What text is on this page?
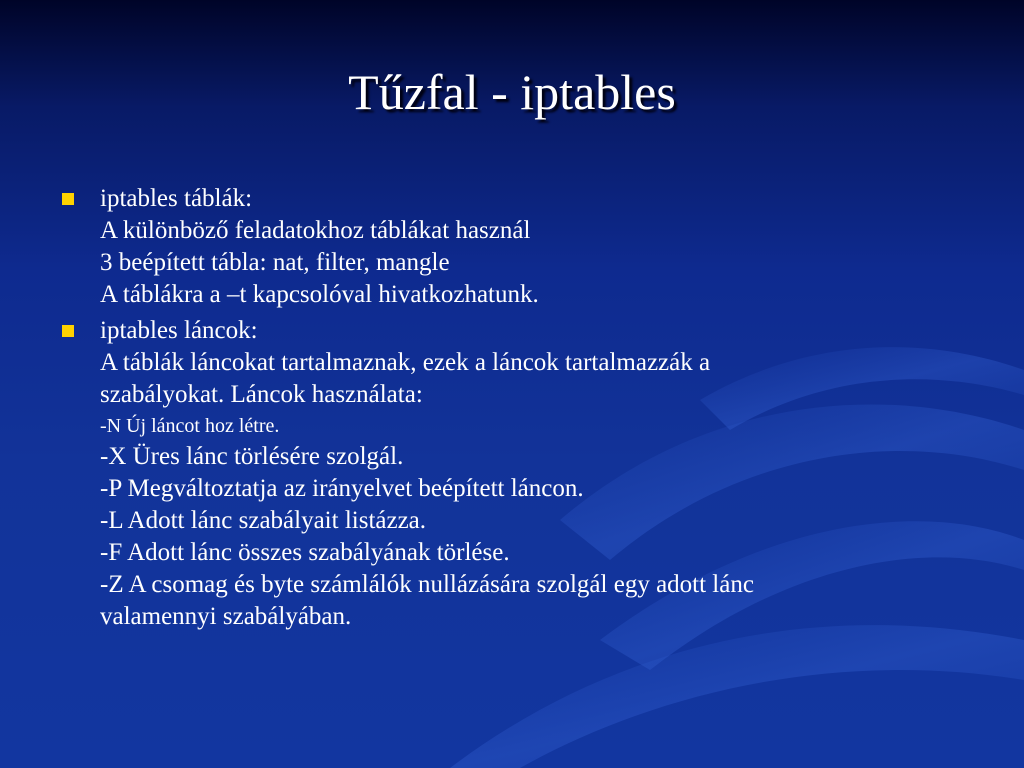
Tűzfal - iptables
iptables táblák:
A különböző feladatokhoz táblákat használ
3 beépített tábla: nat, filter, mangle
A táblákra a –t kapcsolóval hivatkozhatunk.
iptables láncok:
A táblák láncokat tartalmaznak, ezek a láncok tartalmazzák a
szabályokat. Láncok használata:
-N Új láncot hoz létre.
-X Üres lánc törlésére szolgál.
-P Megváltoztatja az irányelvet beépített láncon.
-L Adott lánc szabályait listázza.
-F Adott lánc összes szabályának törlése.
-Z A csomag és byte számlálók nullázására szolgál egy adott lánc
valamennyi szabályában.
